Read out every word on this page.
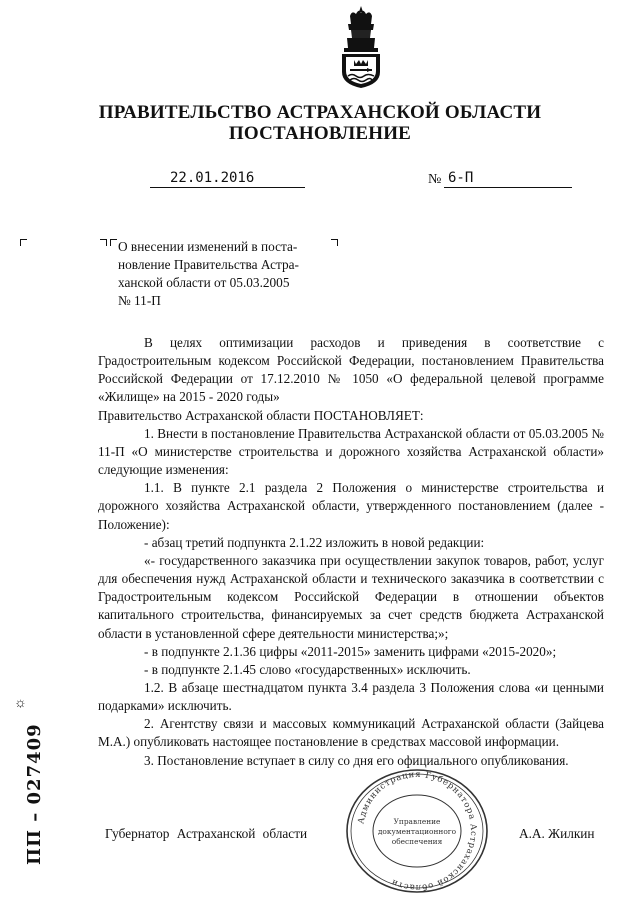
ПРАВИТЕЛЬСТВО АСТРАХАНСКОЙ ОБЛАСТИ
ПОСТАНОВЛЕНИЕ
22.01.2016	№ 6-П

О внесении изменений в поста-

новление Правительства Астра-

ханской области от 05.03.2005

№ 11-П

В целях оптимизации расходов и приведения в соответствие с Градостроительным кодексом Российской Федерации, постановлением Правительства Российской Федерации от 17.12.2010 № 1050 «О федеральной целевой программе «Жилище» на 2015 - 2020 годы»

Правительство Астраханской области ПОСТАНОВЛЯЕТ:

1. Внести в постановление Правительства Астраханской области от 05.03.2005 № 11-П «О министерстве строительства и дорожного хозяйства Астраханской области» следующие изменения:

1.1. В пункте 2.1 раздела 2 Положения о министерстве строительства и дорожного хозяйства Астраханской области, утвержденного постановлением (далее - Положение):

- абзац третий подпункта 2.1.22 изложить в новой редакции:

«- государственного заказчика при осуществлении закупок товаров, работ, услуг для обеспечения нужд Астраханской области и технического заказчика в соответствии с Градостроительным кодексом Российской Федерации в отношении объектов капитального строительства, финансируемых за счет средств бюджета Астраханской области в установленной сфере деятельности министерства;»;

- в подпункте 2.1.36 цифры «2011-2015» заменить цифрами «2015-2020»;

- в подпункте 2.1.45 слово «государственных» исключить.

1.2. В абзаце шестнадцатом пункта 3.4 раздела 3 Положения слова «и ценными подарками» исключить.

2. Агентству связи и массовых коммуникаций Астраханской области (Зайцева М.А.) опубликовать настоящее постановление в средствах массовой информации.

3. Постановление вступает в силу со дня его официального опубликования.

Губернатор Астраханской области	А.А. Жилкин
Администрация Губернатора Астраханской области
Управление
документационного
обеспечения
☼
ПП – 027409
